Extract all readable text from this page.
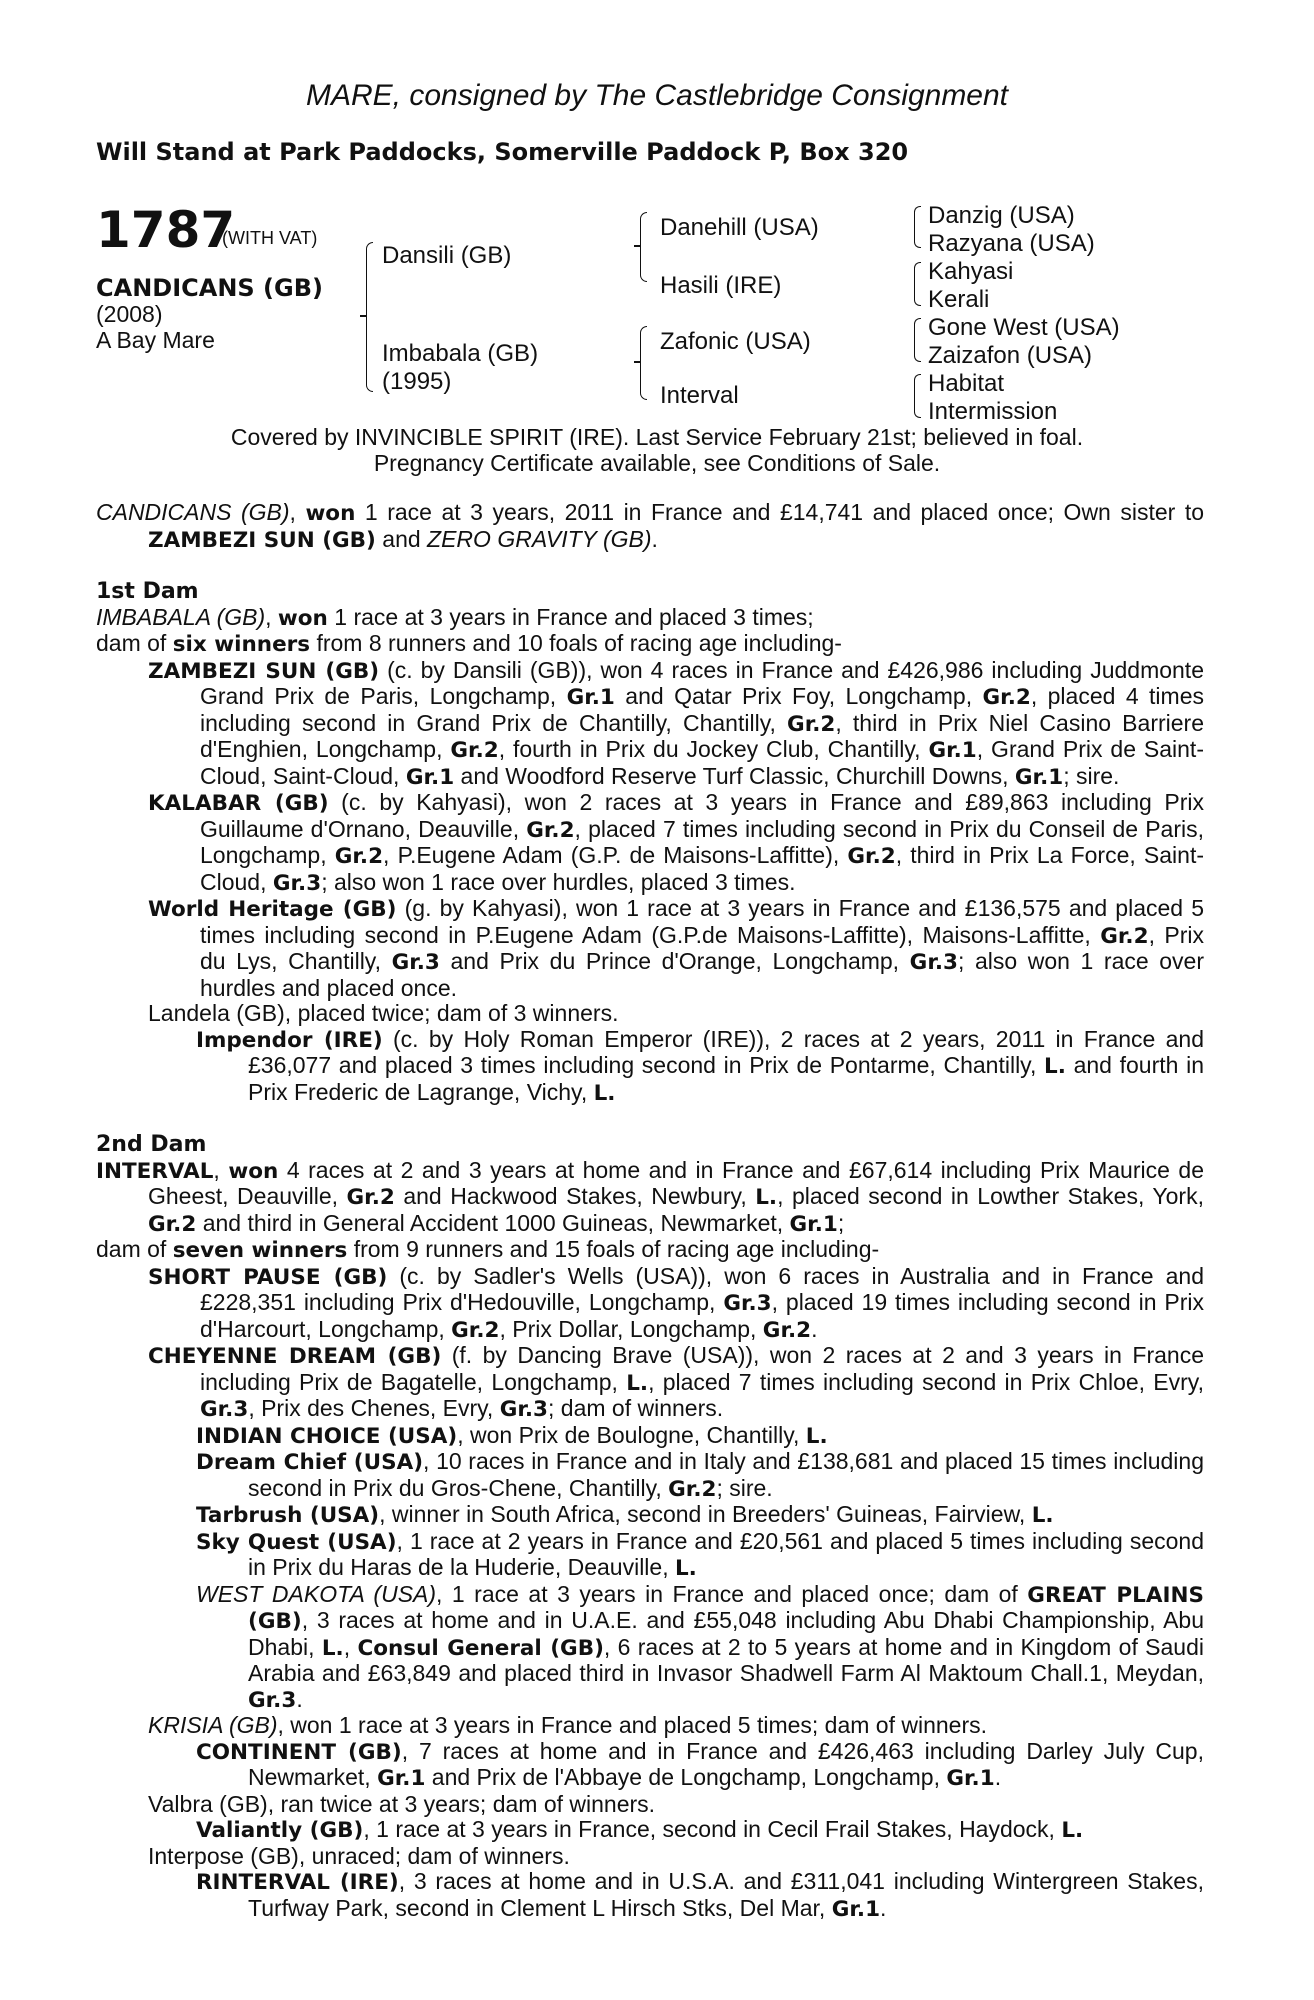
MARE, consigned by The Castlebridge Consignment
Will Stand at Park Paddocks, Somerville Paddock P, Box 320
1787
(WITH VAT)
CANDICANS (GB)
(2008)
A Bay Mare
Dansili (GB)
Imbabala (GB)
(1995)
Danehill (USA)
Hasili (IRE)
Zafonic (USA)
Interval
Danzig (USA)
Razyana (USA)
Kahyasi
Kerali
Gone West (USA)
Zaizafon (USA)
Habitat
Intermission
Covered by INVINCIBLE SPIRIT (IRE). Last Service February 21st; believed in foal.
Pregnancy Certificate available, see Conditions of Sale.

CANDICANS (GB), won 1 race at 3 years, 2011 in France and £14,741 and placed once; Own sister to ZAMBEZI SUN (GB) and ZERO GRAVITY (GB).

1st Dam

IMBABALA (GB), won 1 race at 3 years in France and placed 3 times;

dam of six winners from 8 runners and 10 foals of racing age including-

ZAMBEZI SUN (GB) (c. by Dansili (GB)), won 4 races in France and £426,986 including Juddmonte Grand Prix de Paris, Longchamp, Gr.1 and Qatar Prix Foy, Longchamp, Gr.2, placed 4 times including second in Grand Prix de Chantilly, Chantilly, Gr.2, third in Prix Niel Casino Barriere d'Enghien, Longchamp, Gr.2, fourth in Prix du Jockey Club, Chantilly, Gr.1, Grand Prix de Saint-Cloud, Saint-Cloud, Gr.1 and Woodford Reserve Turf Classic, Churchill Downs, Gr.1; sire.

KALABAR (GB) (c. by Kahyasi), won 2 races at 3 years in France and £89,863 including Prix Guillaume d'Ornano, Deauville, Gr.2, placed 7 times including second in Prix du Conseil de Paris, Longchamp, Gr.2, P.Eugene Adam (G.P. de Maisons-Laffitte), Gr.2, third in Prix La Force, Saint-Cloud, Gr.3; also won 1 race over hurdles, placed 3 times.

World Heritage (GB) (g. by Kahyasi), won 1 race at 3 years in France and £136,575 and placed 5 times including second in P.Eugene Adam (G.P.de Maisons-Laffitte), Maisons-Laffitte, Gr.2, Prix du Lys, Chantilly, Gr.3 and Prix du Prince d'Orange, Longchamp, Gr.3; also won 1 race over hurdles and placed once.

Landela (GB), placed twice; dam of 3 winners.

Impendor (IRE) (c. by Holy Roman Emperor (IRE)), 2 races at 2 years, 2011 in France and £36,077 and placed 3 times including second in Prix de Pontarme, Chantilly, L. and fourth in Prix Frederic de Lagrange, Vichy, L.

2nd Dam

INTERVAL, won 4 races at 2 and 3 years at home and in France and £67,614 including Prix Maurice de Gheest, Deauville, Gr.2 and Hackwood Stakes, Newbury, L., placed second in Lowther Stakes, York, Gr.2 and third in General Accident 1000 Guineas, Newmarket, Gr.1;

dam of seven winners from 9 runners and 15 foals of racing age including-

SHORT PAUSE (GB) (c. by Sadler's Wells (USA)), won 6 races in Australia and in France and £228,351 including Prix d'Hedouville, Longchamp, Gr.3, placed 19 times including second in Prix d'Harcourt, Longchamp, Gr.2, Prix Dollar, Longchamp, Gr.2.

CHEYENNE DREAM (GB) (f. by Dancing Brave (USA)), won 2 races at 2 and 3 years in France including Prix de Bagatelle, Longchamp, L., placed 7 times including second in Prix Chloe, Evry, Gr.3, Prix des Chenes, Evry, Gr.3; dam of winners.

INDIAN CHOICE (USA), won Prix de Boulogne, Chantilly, L.

Dream Chief (USA), 10 races in France and in Italy and £138,681 and placed 15 times including second in Prix du Gros-Chene, Chantilly, Gr.2; sire.

Tarbrush (USA), winner in South Africa, second in Breeders' Guineas, Fairview, L.

Sky Quest (USA), 1 race at 2 years in France and £20,561 and placed 5 times including second in Prix du Haras de la Huderie, Deauville, L.

WEST DAKOTA (USA), 1 race at 3 years in France and placed once; dam of GREAT PLAINS (GB), 3 races at home and in U.A.E. and £55,048 including Abu Dhabi Championship, Abu Dhabi, L., Consul General (GB), 6 races at 2 to 5 years at home and in Kingdom of Saudi Arabia and £63,849 and placed third in Invasor Shadwell Farm Al Maktoum Chall.1, Meydan, Gr.3.

KRISIA (GB), won 1 race at 3 years in France and placed 5 times; dam of winners.

CONTINENT (GB), 7 races at home and in France and £426,463 including Darley July Cup, Newmarket, Gr.1 and Prix de l'Abbaye de Longchamp, Longchamp, Gr.1.

Valbra (GB), ran twice at 3 years; dam of winners.

Valiantly (GB), 1 race at 3 years in France, second in Cecil Frail Stakes, Haydock, L.

Interpose (GB), unraced; dam of winners.

RINTERVAL (IRE), 3 races at home and in U.S.A. and £311,041 including Wintergreen Stakes, Turfway Park, second in Clement L Hirsch Stks, Del Mar, Gr.1.
